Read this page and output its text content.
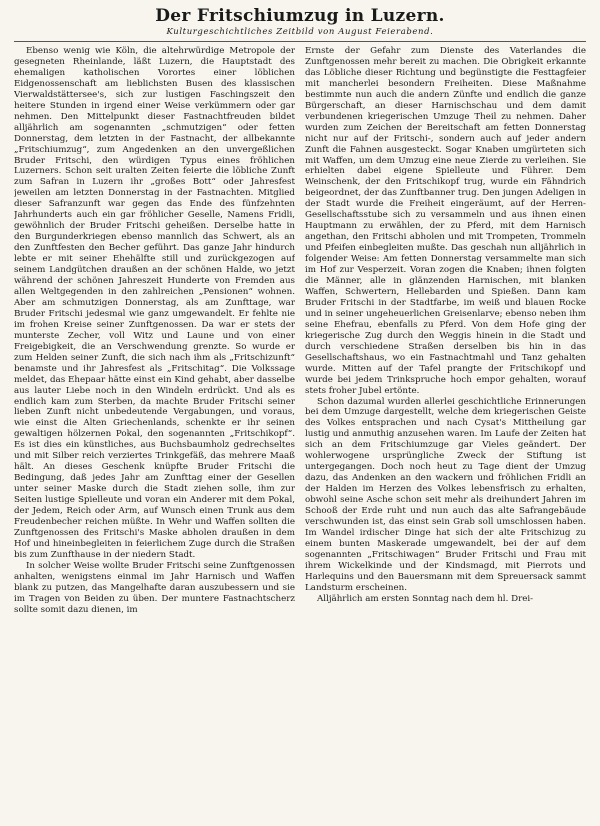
Der Fritschiumzug in Luzern.
Kulturgeschichtliches Zeitbild von August Feierabend.

Ebenso wenig wie Köln, die altehrwürdige Metropole der gesegneten Rheinlande, läßt Luzern, die Hauptstadt des ehemaligen katholischen Vorortes einer löblichen Eidgenossenschaft am lieblichsten Busen des klassischen Vierwaldstättersee's, sich zur lustigen Faschingszeit den heitere Stunden in irgend einer Weise verkümmern oder gar nehmen. Den Mittelpunkt dieser Fastnachtfreuden bildet alljährlich am sogenannten „schmutzigen“ oder fetten Donnerstag, dem letzten in der Fastnacht, der allbekannte „Fritschiumzug“, zum Angedenken an den unvergeßlichen Bruder Fritschi, den würdigen Typus eines fröhlichen Luzerners. Schon seit uralten Zeiten feierte die löbliche Zunft zum Safran in Luzern ihr „großes Bott“ oder Jahresfest jeweilen am letzten Donnerstag in der Fastnachten. Mitglied dieser Safranzunft war gegen das Ende des fünfzehnten Jahrhunderts auch ein gar fröhlicher Geselle, Namens Fridli, gewöhnlich der Bruder Fritschi geheißen. Derselbe hatte in den Burgunderkriegen ebenso mannlich das Schwert, als an den Zunftfesten den Becher geführt. Das ganze Jahr hindurch lebte er mit seiner Ehehälfte still und zurückgezogen auf seinem Landgütchen draußen an der schönen Halde, wo jetzt während der schönen Jahreszeit Hunderte von Fremden aus allen Weltgegenden in den zahlreichen „Pensionen“ wohnen. Aber am schmutzigen Donnerstag, als am Zunfttage, war Bruder Fritschi jedesmal wie ganz umgewandelt. Er fehlte nie im frohen Kreise seiner Zunftgenossen. Da war er stets der munterste Zecher, voll Witz und Laune und von einer Freigebigkeit, die an Verschwendung grenzte. So wurde er zum Helden seiner Zunft, die sich nach ihm als „Fritschizunft“ benamste und ihr Jahresfest als „Fritschitag“. Die Volkssage meldet, das Ehepaar hätte einst ein Kind gehabt, aber dasselbe aus lauter Liebe noch in den Windeln erdrückt. Und als es endlich kam zum Sterben, da machte Bruder Fritschi seiner lieben Zunft nicht unbedeutende Vergabungen, und voraus, wie einst die Alten Griechenlands, schenkte er ihr seinen gewaltigen hölzernen Pokal, den sogenannten „Fritschikopf“. Es ist dies ein künstliches, aus Buchsbaumholz gedrechseltes und mit Silber reich verziertes Trinkgefäß, das mehrere Maaß hält. An dieses Geschenk knüpfte Bruder Fritschi die Bedingung, daß jedes Jahr am Zunfttag einer der Gesellen unter seiner Maske durch die Stadt ziehen solle, ihm zur Seiten lustige Spielleute und voran ein Anderer mit dem Pokal, der Jedem, Reich oder Arm, auf Wunsch einen Trunk aus dem Freudenbecher reichen müßte. In Wehr und Waffen sollten die Zunftgenossen des Fritschi's Maske abholen draußen in dem Hof und hineinbegleiten in feierlichem Zuge durch die Straßen bis zum Zunfthause in der niedern Stadt.

In solcher Weise wollte Bruder Fritschi seine Zunftgenossen anhalten, wenigstens einmal im Jahr Harnisch und Waffen blank zu putzen, das Mangelhafte daran auszubessern und sie im Tragen von Beiden zu üben. Der muntere Fastnachtscherz sollte somit dazu dienen, im

Ernste der Gefahr zum Dienste des Vaterlandes die Zunftgenossen mehr bereit zu machen. Die Obrigkeit erkannte das Löbliche dieser Richtung und begünstigte die Festtagfeier mit mancherlei besondern Freiheiten. Diese Maßnahme bestimmte nun auch die andern Zünfte und endlich die ganze Bürgerschaft, an dieser Harnischschau und dem damit verbundenen kriegerischen Umzuge Theil zu nehmen. Daher wurden zum Zeichen der Bereitschaft am fetten Donnerstag nicht nur auf der Fritschi-, sondern auch auf jeder andern Zunft die Fahnen ausgesteckt. Sogar Knaben umgürteten sich mit Waffen, um dem Umzug eine neue Zierde zu verleihen. Sie erhielten dabei eigene Spielleute und Führer. Dem Weinschenk, der den Fritschikopf trug, wurde ein Fähndrich beigeordnet, der das Zunftbanner trug. Den jungen Adeligen in der Stadt wurde die Freiheit eingeräumt, auf der Herren-Gesellschaftsstube sich zu versammeln und aus ihnen einen Hauptmann zu erwählen, der zu Pferd, mit dem Harnisch angethan, den Fritschi abholen und mit Trompeten, Trommeln und Pfeifen einbegleiten mußte. Das geschah nun alljährlich in folgender Weise: Am fetten Donnerstag versammelte man sich im Hof zur Vesperzeit. Voran zogen die Knaben; ihnen folgten die Männer, alle in glänzenden Harnischen, mit blanken Waffen, Schwertern, Hellebarden und Spießen. Dann kam Bruder Fritschi in der Stadtfarbe, im weiß und blauen Rocke und in seiner ungeheuerlichen Greisenlarve; ebenso neben ihm seine Ehefrau, ebenfalls zu Pferd. Von dem Hofe ging der kriegerische Zug durch den Weggis hinein in die Stadt und durch verschiedene Straßen derselben bis hin in das Gesellschaftshaus, wo ein Fastnachtmahl und Tanz gehalten wurde. Mitten auf der Tafel prangte der Fritschikopf und wurde bei jedem Trinkspruche hoch empor gehalten, worauf stets froher Jubel ertönte.

Schon dazumal wurden allerlei geschichtliche Erinnerungen bei dem Umzuge dargestellt, welche dem kriegerischen Geiste des Volkes entsprachen und nach Cysat's Mittheilung gar lustig und anmuthig anzusehen waren. Im Laufe der Zeiten hat sich an dem Fritschiumzuge gar Vieles geändert. Der wohlerwogene ursprüngliche Zweck der Stiftung ist untergegangen. Doch noch heut zu Tage dient der Umzug dazu, das Andenken an den wackern und fröhlichen Fridli an der Halden im Herzen des Volkes lebensfrisch zu erhalten, obwohl seine Asche schon seit mehr als dreihundert Jahren im Schooß der Erde ruht und nun auch das alte Safrangebäude verschwunden ist, das einst sein Grab soll umschlossen haben. Im Wandel irdischer Dinge hat sich der alte Fritschizug zu einem bunten Maskerade umgewandelt, bei der auf dem sogenannten „Fritschiwagen“ Bruder Fritschi und Frau mit ihrem Wickelkinde und der Kindsmagd, mit Pierrots und Harlequins und den Bauersmann mit dem Spreuersack sammt Landsturm erscheinen.

Alljährlich am ersten Sonntag nach dem hl. Drei-
